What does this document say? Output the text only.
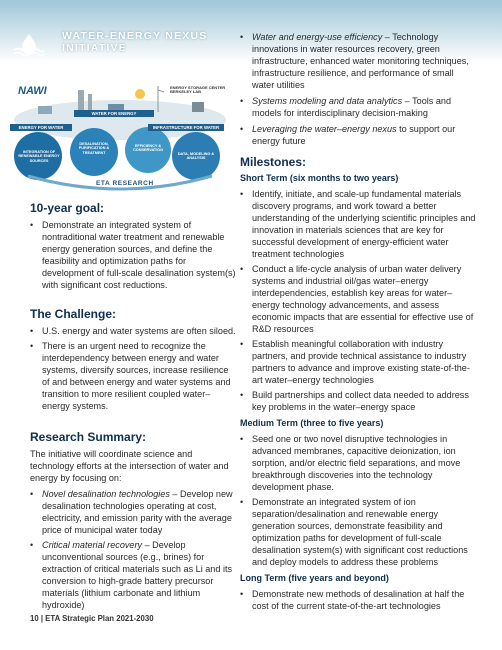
WATER-ENERGY NEXUS INITIATIVE
NAWI	ENERGY STORAGE CENTER BERKELEY LAB
ENERGY FOR WATER
WATER FOR ENERGY
INFRASTRUCTURE FOR WATER
INTEGRATION OF RENEWABLE ENERGY SOURCES
DESALINATION, PURIFICATION & TREATMENT
EFFICIENCY & CONSERVATION
DATA, MODELING & ANALYSIS
ETA RESEARCH
10-year goal:
• Demonstrate an integrated system of nontraditional water treatment and renewable energy generation sources, and define the feasibility and optimization paths for development of full-scale desalination system(s) with significant cost reductions.
The Challenge:
• U.S. energy and water systems are often siloed.
• There is an urgent need to recognize the interdependency between energy and water systems, diversify sources, increase resilience of and between energy and water systems and transition to more resilient coupled water–energy systems.
Research Summary:

The initiative will coordinate science and technology efforts at the intersection of water and energy by focusing on:

• Novel desalination technologies – Develop new desalination technologies operating at cost, electricity, and emission parity with the average price of municipal water today
• Critical material recovery – Develop unconventional sources (e.g., brines) for extraction of critical materials such as Li and its conversion to high-grade battery precursor materials (lithium carbonate and lithium hydroxide)
• Water and energy-use efficiency – Technology innovations in water resources recovery, green infrastructure, enhanced water monitoring techniques, infrastructure resilience, and performance of small water utilities
• Systems modeling and data analytics – Tools and models for interdisciplinary decision-making
• Leveraging the water–energy nexus to support our energy future
Milestones:
Short Term (six months to two years)
• Identify, initiate, and scale-up fundamental materials discovery programs, and work toward a better understanding of the underlying scientific principles and innovation in materials sciences that are key for successful development of energy-efficient water treatment technologies
• Conduct a life-cycle analysis of urban water delivery systems and industrial oil/gas water–energy interdependencies, establish key areas for water–energy technology advancements, and assess economic impacts that are essential for effective use of R&D resources
• Establish meaningful collaboration with industry partners, and provide technical assistance to industry partners to advance and improve existing state-of-the-art water–energy technologies
• Build partnerships and collect data needed to address key problems in the water–energy space
Medium Term (three to five years)
• Seed one or two novel disruptive technologies in advanced membranes, capacitive deionization, ion sorption, and/or electric field separations, and move breakthrough discoveries into the technology development phase.
• Demonstrate an integrated system of ion separation/desalination and renewable energy generation sources, demonstrate feasibility and optimization paths for development of full-scale desalination system(s) with significant cost reductions and deploy models to address these problems
Long Term (five years and beyond)
• Demonstrate new methods of desalination at half the cost of the current state-of-the-art technologies
10 | ETA Strategic Plan 2021-2030
